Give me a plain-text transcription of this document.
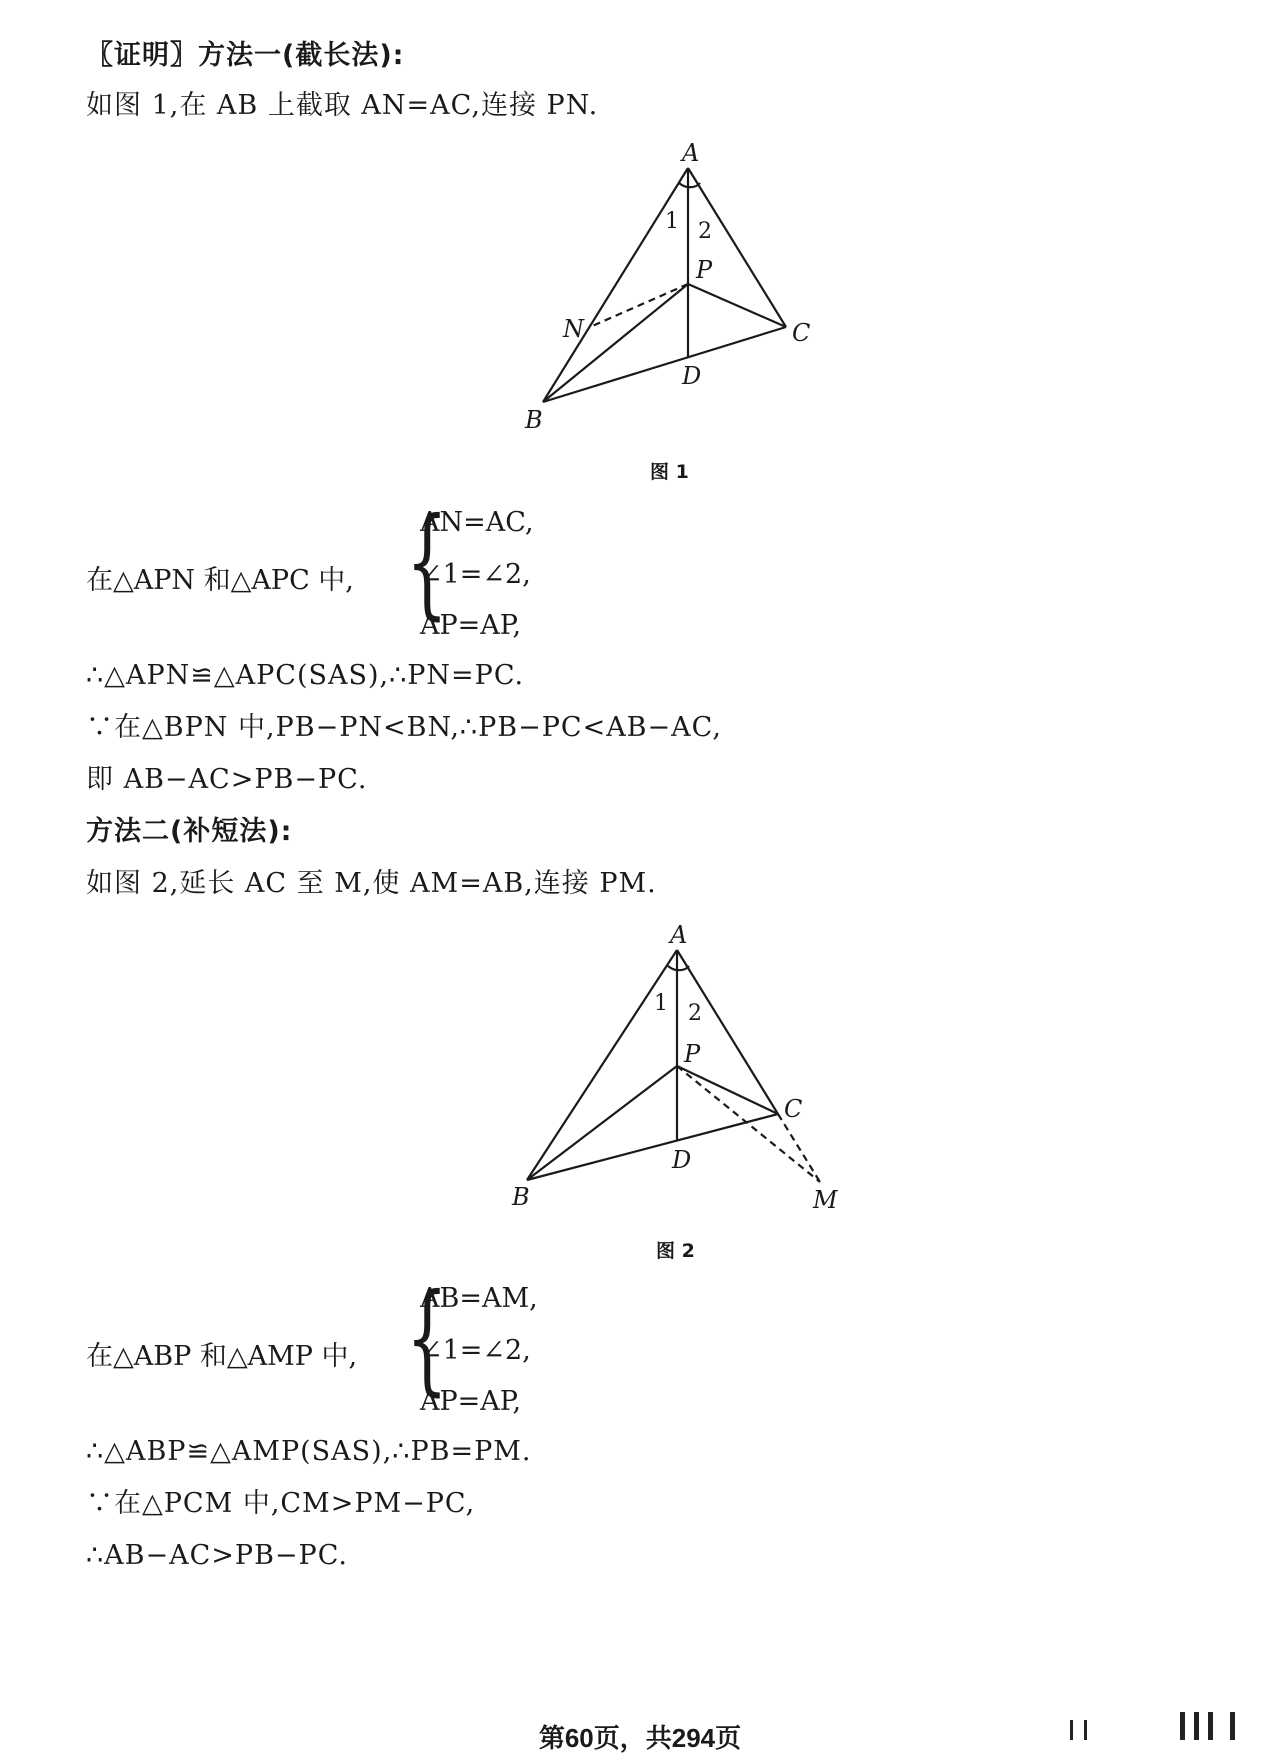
〖证明〗方法一(截长法):
如图 1,在 AB 上截取 AN=AC,连接 PN.
A
B
C
D
P
N
1 2
图 1
在△APN 和△APC 中, {
AN=AC,
∠1=∠2,
AP=AP,
∴△APN≌△APC(SAS),∴PN=PC.
∵在△BPN 中,PB−PN<BN,∴PB−PC<AB−AC,
即 AB−AC>PB−PC.
方法二(补短法):
如图 2,延长 AC 至 M,使 AM=AB,连接 PM.
A
B
C
D
P
M
1 2
图 2
在△ABP 和△AMP 中, {
AB=AM,
∠1=∠2,
AP=AP,
∴△ABP≌△AMP(SAS),∴PB=PM.
∵在△PCM 中,CM>PM−PC,
∴AB−AC>PB−PC.
第60页，共294页
